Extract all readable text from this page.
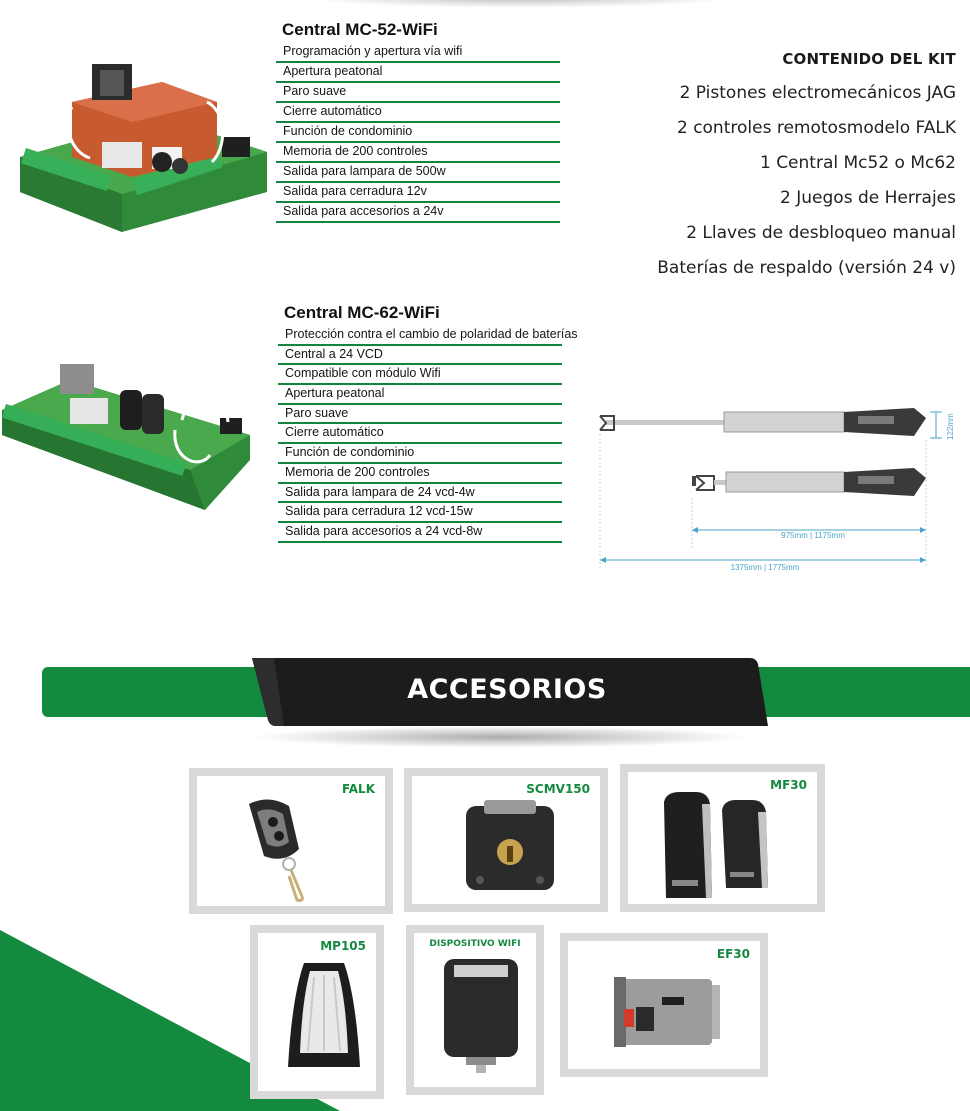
Central MC-52-WiFi
Programación y apertura vía wifi
Apertura peatonal
Paro suave
Cierre automático
Función de condominio
Memoria de 200 controles
Salida para lampara de 500w
Salida para cerradura 12v
Salida para accesorios a 24v
CONTENIDO DEL KIT
2 Pistones electromecánicos JAG
2 controles remotosmodelo FALK
1 Central Mc52 o Mc62
2 Juegos de Herrajes
2 Llaves de desbloqueo manual
Baterías de respaldo (versión 24 v)
Central MC-62-WiFi
Protección contra el cambio de polaridad de baterías
Central a 24 VCD
Compatible con módulo Wifi
Apertura peatonal
Paro suave
Cierre automático
Función de condominio
Memoria de 200 controles
Salida para lampara de 24 vcd-4w
Salida para cerradura 12 vcd-15w
Salida para accesorios a 24 vcd-8w
122mm
975mm | 1175mm
1375mm | 1775mm
ACCESORIOS
FALK	SCMV150	MF30
MP105	DISPOSITIVO WIFI
EF30
